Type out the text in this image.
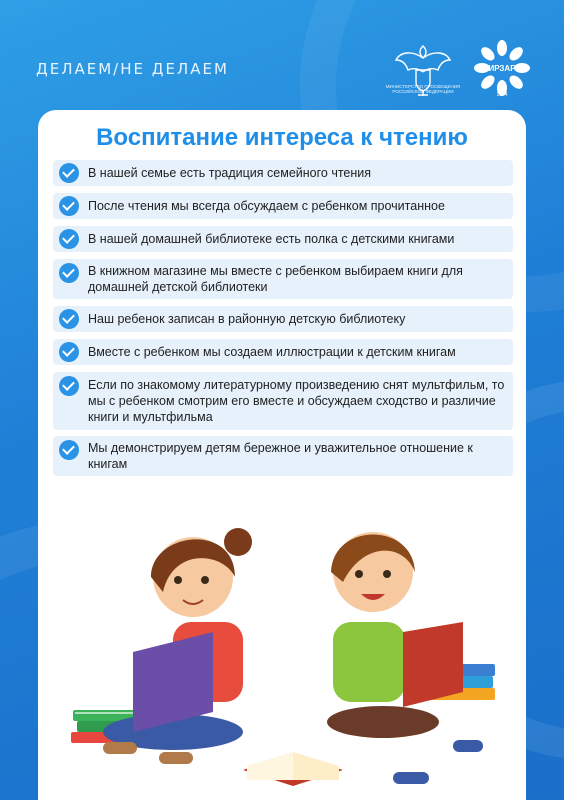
ДЕЛАЕМ/НЕ ДЕЛАЕМ
МИНИСТЕРСТВО ПРОСВЕЩЕНИЯ РОССИЙСКОЙ ФЕДЕРАЦИИ
ИРЗАР
1944
Воспитание интереса к чтению
В нашей семье есть традиция семейного чтения
После чтения мы всегда обсуждаем с ребенком прочитанное
В нашей домашней библиотеке есть полка с детскими книгами
В книжном магазине мы вместе с ребенком выбираем книги для домашней детской библиотеки
Наш ребенок записан в районную детскую библиотеку
Вместе с ребенком мы создаем иллюстрации к детским книгам
Если по знакомому литературному произведению снят мультфильм, то мы с ребенком смотрим его вместе и обсуждаем сходство и различие книги и мультфильма
Мы демонстрируем детям бережное и уважительное отношение к книгам
